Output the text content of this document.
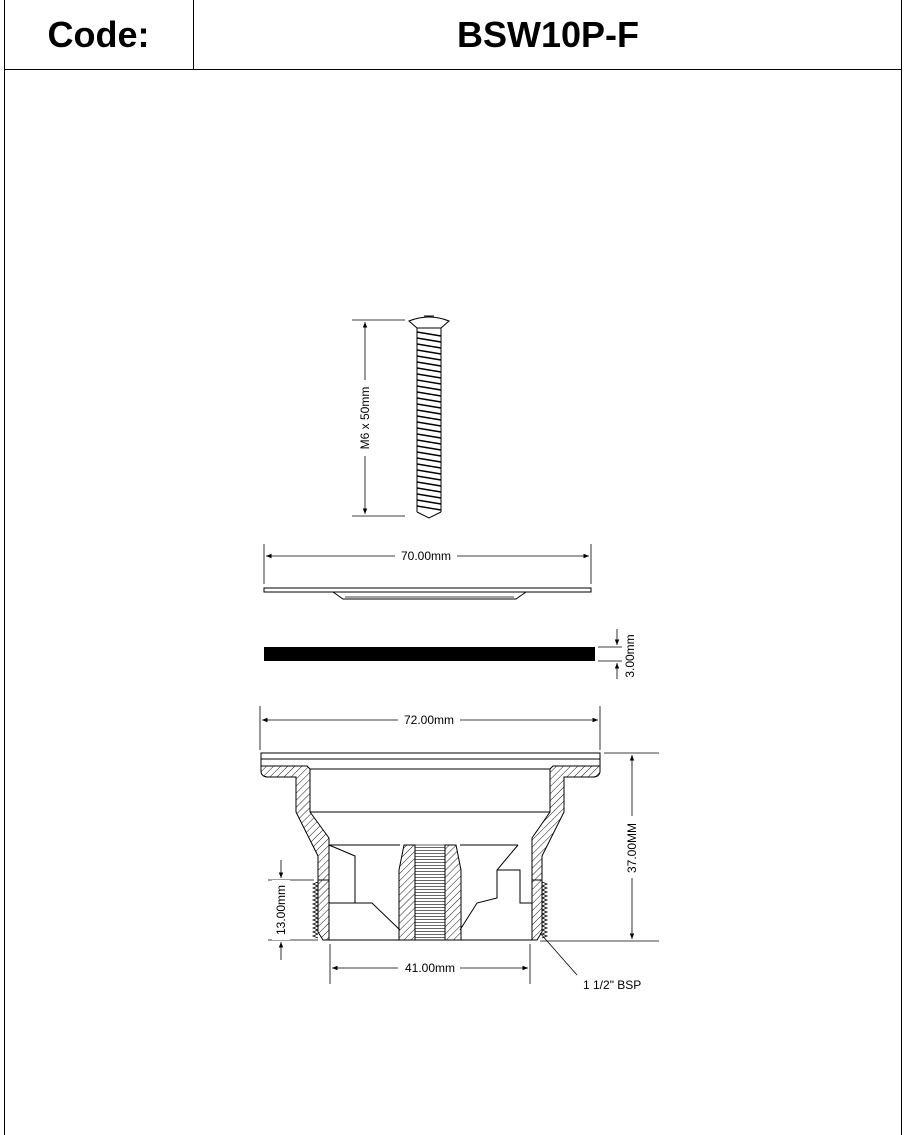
Code:	BSW10P-F
M6 x 50mm
70.00mm
3.00mm
72.00mm
37.00MM
13.00mm
41.00mm
1 1/2" BSP
